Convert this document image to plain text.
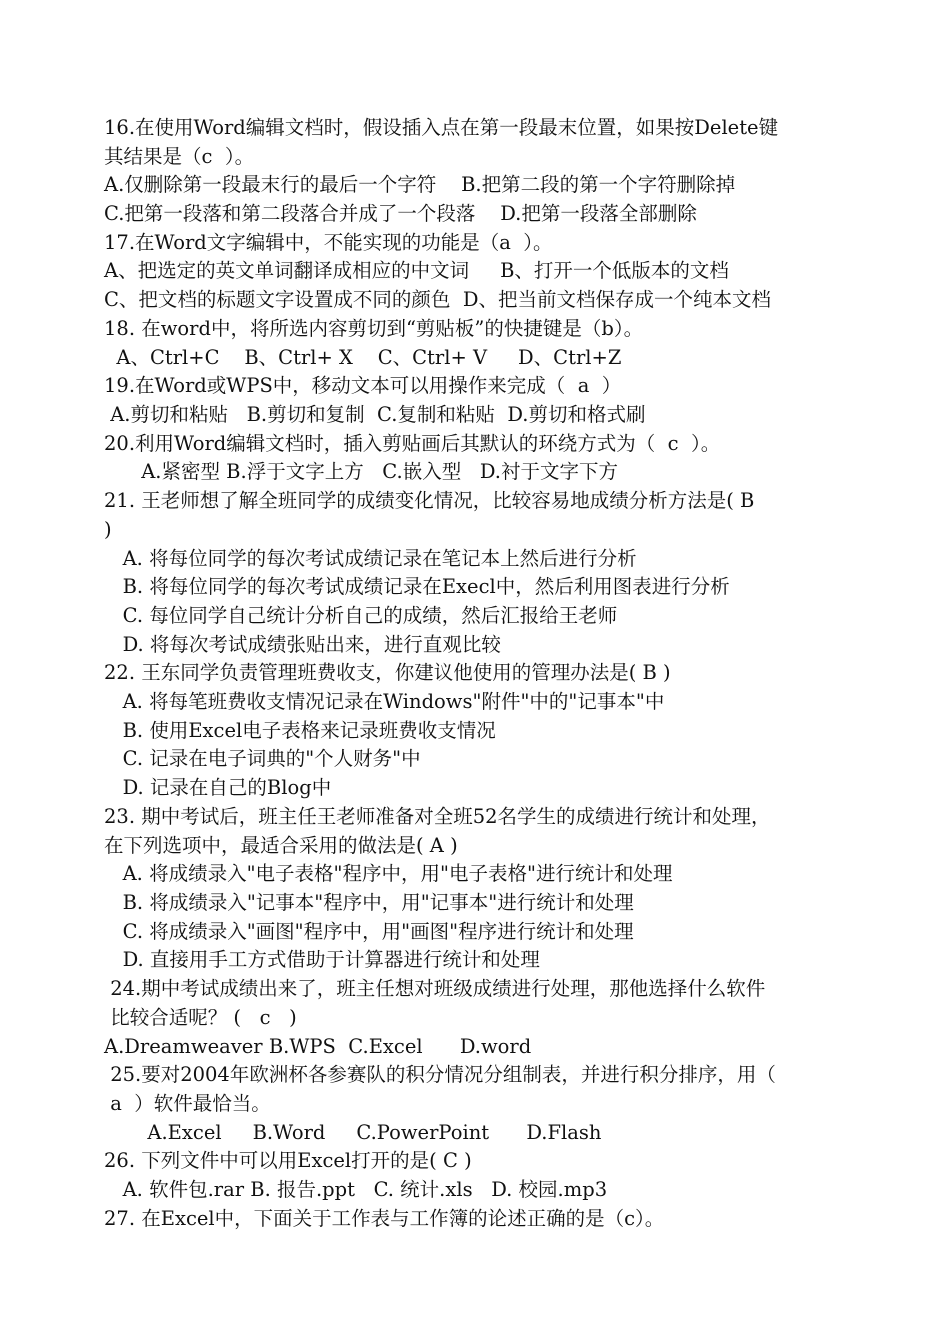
16.在使用Word编辑文档时，假设插入点在第一段最末位置，如果按Delete键
其结果是（c  ）。
A.仅删除第一段最末行的最后一个字符    B.把第二段的第一个字符删除掉
C.把第一段落和第二段落合并成了一个段落    D.把第一段落全部删除
17.在Word文字编辑中，不能实现的功能是（a  ）。
A、把选定的英文单词翻译成相应的中文词     B、打开一个低版本的文档
C、把文档的标题文字设置成不同的颜色  D、把当前文档保存成一个纯本文档
18. 在word中，将所选内容剪切到“剪贴板”的快捷键是（b）。
A、Ctrl+C    B、Ctrl+ X    C、Ctrl+ V     D、Ctrl+Z
19.在Word或WPS中，移动文本可以用操作来完成（  a  ）
A.剪切和粘贴   B.剪切和复制  C.复制和粘贴  D.剪切和格式刷
20.利用Word编辑文档时，插入剪贴画后其默认的环绕方式为（  c  ）。
A.紧密型 B.浮于文字上方   C.嵌入型   D.衬于文字下方
21. 王老师想了解全班同学的成绩变化情况，比较容易地成绩分析方法是( B
)
A. 将每位同学的每次考试成绩记录在笔记本上然后进行分析
B. 将每位同学的每次考试成绩记录在Execl中，然后利用图表进行分析
C. 每位同学自己统计分析自己的成绩，然后汇报给王老师
D. 将每次考试成绩张贴出来，进行直观比较
22. 王东同学负责管理班费收支，你建议他使用的管理办法是( B )
A. 将每笔班费收支情况记录在Windows"附件"中的"记事本"中
B. 使用Excel电子表格来记录班费收支情况
C. 记录在电子词典的"个人财务"中
D. 记录在自己的Blog中
23. 期中考试后，班主任王老师准备对全班52名学生的成绩进行统计和处理，
在下列选项中，最适合采用的做法是( A )
A. 将成绩录入"电子表格"程序中，用"电子表格"进行统计和处理
B. 将成绩录入"记事本"程序中，用"记事本"进行统计和处理
C. 将成绩录入"画图"程序中，用"画图"程序进行统计和处理
D. 直接用手工方式借助于计算器进行统计和处理
24.期中考试成绩出来了，班主任想对班级成绩进行处理，那他选择什么软件
比较合适呢？ (   c   )
A.Dreamweaver B.WPS  C.Excel      D.word
25.要对2004年欧洲杯各参赛队的积分情况分组制表，并进行积分排序，用（
a  ）软件最恰当。
A.Excel     B.Word     C.PowerPoint      D.Flash
26. 下列文件中可以用Excel打开的是( C )
A. 软件包.rar B. 报告.ppt   C. 统计.xls   D. 校园.mp3
27. 在Excel中，下面关于工作表与工作簿的论述正确的是（c）。
